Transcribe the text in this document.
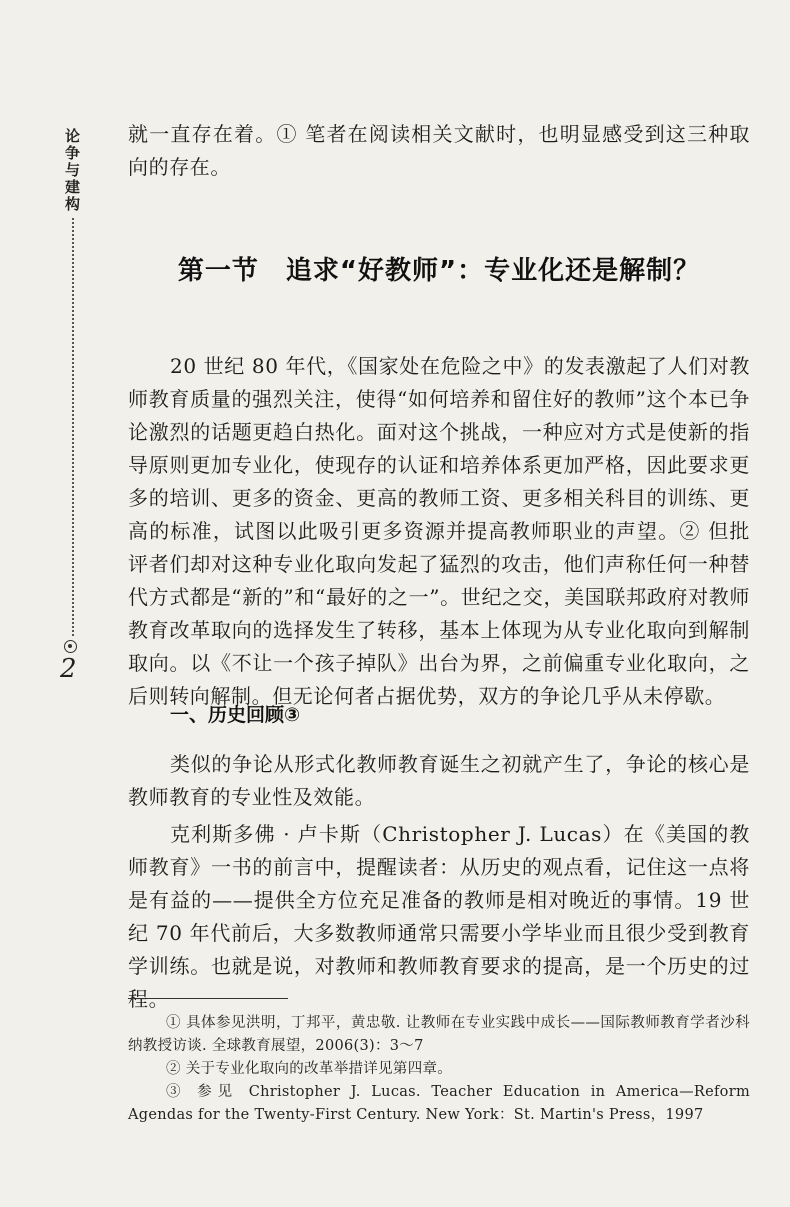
论争与建构
2

就一直存在着。① 笔者在阅读相关文献时，也明显感受到这三种取向的存在。

第一节　追求“好教师”：专业化还是解制？

20 世纪 80 年代，《国家处在危险之中》的发表激起了人们对教师教育质量的强烈关注，使得“如何培养和留住好的教师”这个本已争论激烈的话题更趋白热化。面对这个挑战，一种应对方式是使新的指导原则更加专业化，使现存的认证和培养体系更加严格，因此要求更多的培训、更多的资金、更高的教师工资、更多相关科目的训练、更高的标准，试图以此吸引更多资源并提高教师职业的声望。② 但批评者们却对这种专业化取向发起了猛烈的攻击，他们声称任何一种替代方式都是“新的”和“最好的之一”。世纪之交，美国联邦政府对教师教育改革取向的选择发生了转移，基本上体现为从专业化取向到解制取向。以《不让一个孩子掉队》出台为界，之前偏重专业化取向，之后则转向解制。但无论何者占据优势，双方的争论几乎从未停歇。

一、历史回顾③

类似的争论从形式化教师教育诞生之初就产生了，争论的核心是教师教育的专业性及效能。

克利斯多佛 · 卢卡斯（Christopher J. Lucas）在《美国的教师教育》一书的前言中，提醒读者：从历史的观点看，记住这一点将是有益的——提供全方位充足准备的教师是相对晚近的事情。19 世纪 70 年代前后，大多数教师通常只需要小学毕业而且很少受到教育学训练。也就是说，对教师和教师教育要求的提高，是一个历史的过程。

① 具体参见洪明，丁邦平，黄忠敬. 让教师在专业实践中成长——国际教师教育学者沙科纳教授访谈. 全球教育展望，2006(3)：3～7

② 关于专业化取向的改革举措详见第四章。

③ 参见 Christopher J. Lucas. Teacher Education in America—Reform Agendas for the Twenty-First Century. New York：St. Martin's Press，1997
